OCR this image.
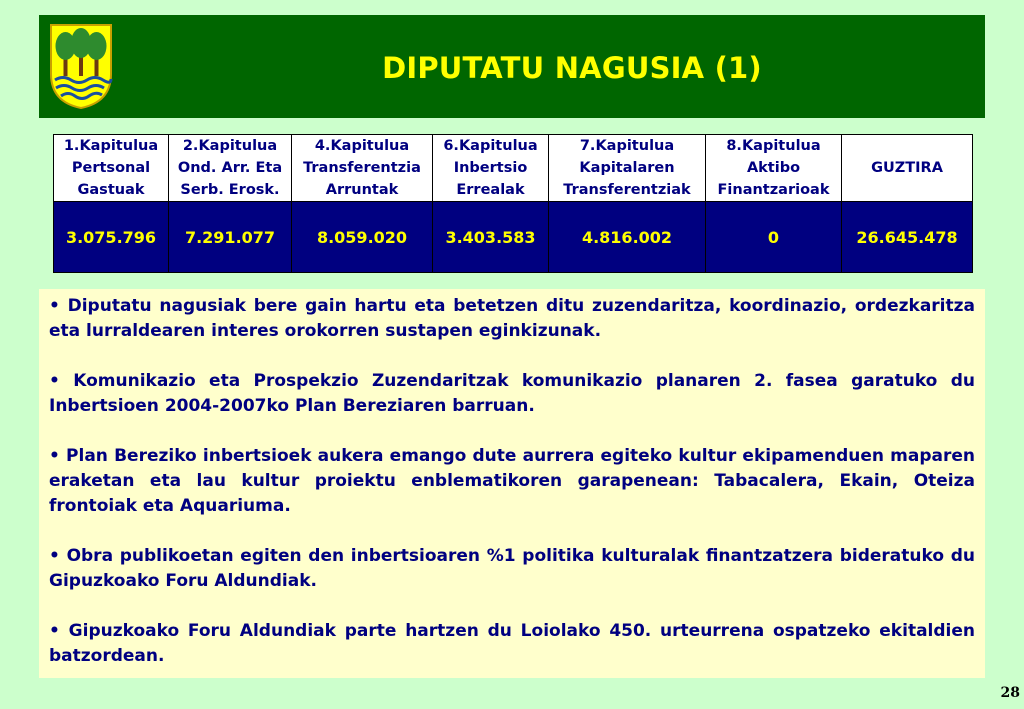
DIPUTATU NAGUSIA (1)
1.Kapitulua
Pertsonal
Gastuak	2.Kapitulua
Ond. Arr. Eta
Serb. Erosk.	4.Kapitulua
Transferentzia
Arruntak	6.Kapitulua
Inbertsio
Errealak	7.Kapitulua
Kapitalaren
Transferentziak	8.Kapitulua
Aktibo
Finantzarioak	GUZTIRA

3.075.796	7.291.077	8.059.020	3.403.583	4.816.002	0	26.645.478

• Diputatu nagusiak bere gain hartu eta betetzen ditu zuzendaritza, koordinazio, ordezkaritza eta lurraldearen interes orokorren sustapen eginkizunak.

• Komunikazio eta Prospekzio Zuzendaritzak komunikazio planaren 2. fasea garatuko du Inbertsioen 2004-2007ko Plan Bereziaren barruan.

• Plan Bereziko inbertsioek aukera emango dute aurrera egiteko kultur ekipamenduen maparen eraketan eta lau kultur proiektu enblematikoren garapenean: Tabacalera, Ekain, Oteiza frontoiak eta Aquariuma.

• Obra publikoetan egiten den inbertsioaren %1 politika kulturalak finantzatzera bideratuko du Gipuzkoako Foru Aldundiak.

• Gipuzkoako Foru Aldundiak parte hartzen du Loiolako 450. urteurrena ospatzeko ekitaldien batzordean.

28
